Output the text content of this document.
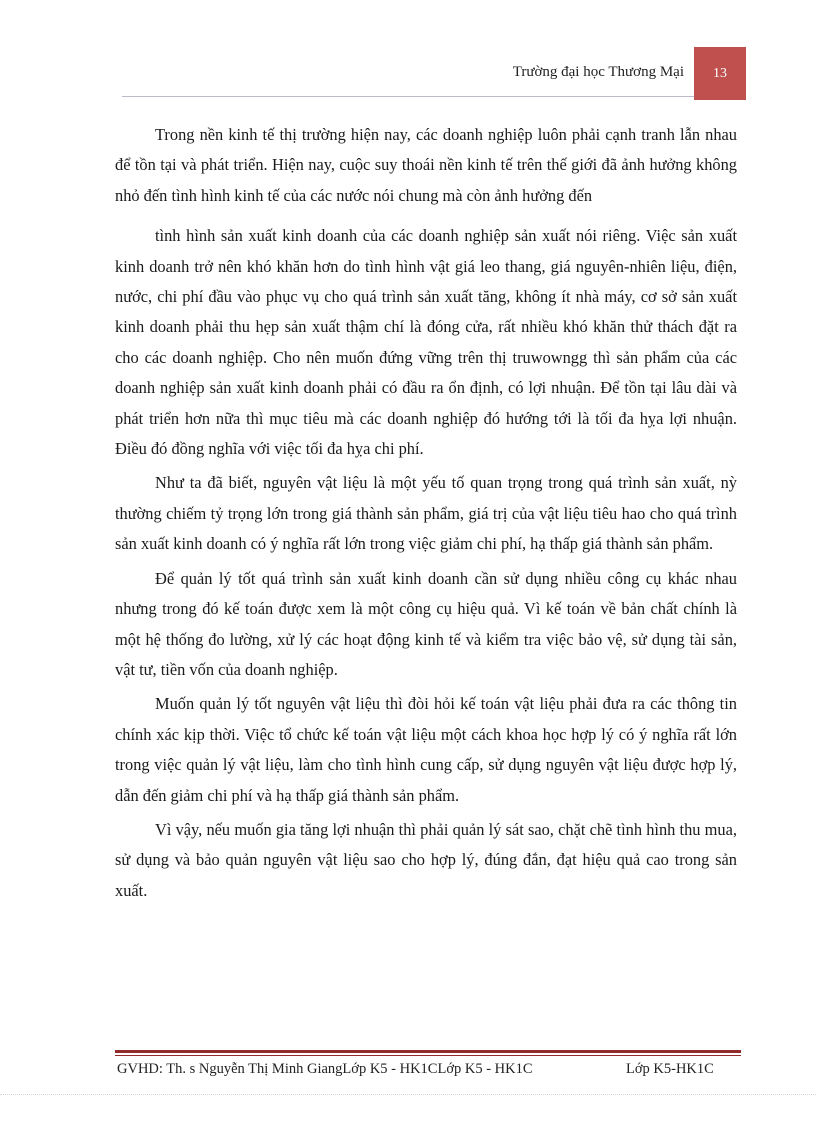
Trường đại học Thương Mại 13

Trong nền kinh tế thị trường hiện nay, các doanh nghiệp luôn phải cạnh tranh lẫn nhau để tồn tại và phát triển. Hiện nay, cuộc suy thoái nền kinh tế trên thế giới đã ảnh hưởng không nhỏ đến tình hình kinh tế của các nước nói chung mà còn ảnh hưởng đến

tình hình sản xuất kinh doanh của các doanh nghiệp sản xuất nói riêng. Việc sản xuất kinh doanh trở nên khó khăn hơn do tình hình vật giá leo thang, giá nguyên-nhiên liệu, điện, nước, chi phí đầu vào phục vụ cho quá trình sản xuất tăng, không ít nhà máy, cơ sở sản xuất kinh doanh phải thu hẹp sản xuất thậm chí là đóng cửa, rất nhiều khó khăn thử thách đặt ra cho các doanh nghiệp. Cho nên muốn đứng vững trên thị truwowngg thì sản phẩm của các doanh nghiệp sản xuất kinh doanh phải có đầu ra ổn định, có lợi nhuận. Để tồn tại lâu dài và phát triển hơn nữa thì mục tiêu mà các doanh nghiệp đó hướng tới là tối đa hỵa lợi nhuận. Điều đó đồng nghĩa với việc tối đa hỵa chi phí.

Như ta đã biết, nguyên vật liệu là một yếu tố quan trọng trong quá trình sản xuất, nỳ thường chiếm tỷ trọng lớn trong giá thành sản phẩm, giá trị của vật liệu tiêu hao cho quá trình sản xuất kinh doanh có ý nghĩa rất lớn trong việc giảm chi phí, hạ thấp giá thành sản phẩm.

Để quản lý tốt quá trình sản xuất kinh doanh cần sử dụng nhiều công cụ khác nhau nhưng trong đó kế toán được xem là một công cụ hiệu quả. Vì kế toán về bản chất chính là một hệ thống đo lường, xử lý các hoạt động kinh tế và kiểm tra việc bảo vệ, sử dụng tài sản, vật tư, tiền vốn của doanh nghiệp.

Muốn quản lý tốt nguyên vật liệu thì đòi hỏi kế toán vật liệu phải đưa ra các thông tin chính xác kịp thời. Việc tổ chức kế toán vật liệu một cách khoa học hợp lý có ý nghĩa rất lớn trong việc quản lý vật liệu, làm cho tình hình cung cấp, sử dụng nguyên vật liệu được hợp lý, dẫn đến giảm chi phí và hạ thấp giá thành sản phẩm.

Vì vậy, nếu muốn gia tăng lợi nhuận thì phải quản lý sát sao, chặt chẽ tình hình thu mua, sử dụng và bảo quản nguyên vật liệu sao cho hợp lý, đúng đắn, đạt hiệu quả cao trong sản xuất.

GVHD: Th. s Nguyễn Thị Minh GiangLớp K5 - HK1CLớp K5 - HK1C	Lớp K5-HK1C
